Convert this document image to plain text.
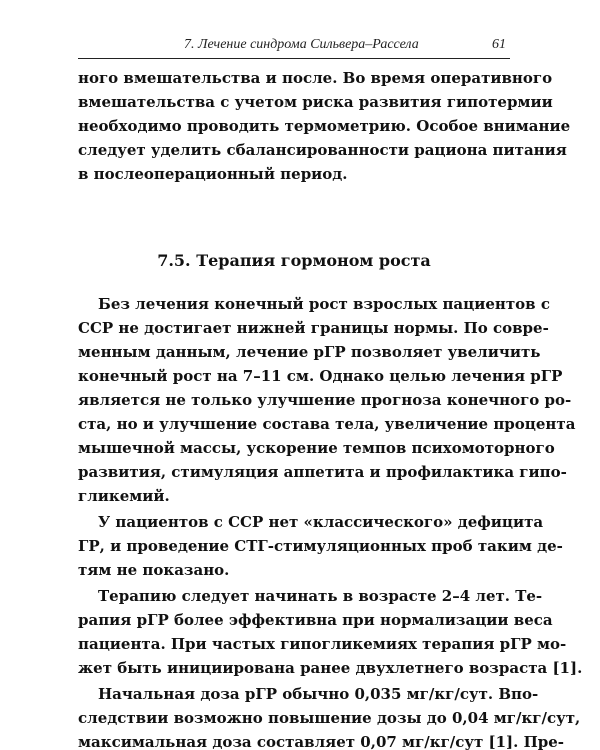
7. Лечение синдрома Сильвера–Рассела	61
ного вмешательства и после. Во время оперативного
вмешательства с учетом риска развития гипотермии
необходимо проводить термометрию. Особое внимание
следует уделить сбалансированности рациона питания
в послеоперационный период.
7.5. Терапия гормоном роста
Без лечения конечный рост взрослых пациентов с
ССР не достигает нижней границы нормы. По совре-
менным данным, лечение рГР позволяет увеличить
конечный рост на 7–11 см. Однако целью лечения рГР
является не только улучшение прогноза конечного ро-
ста, но и улучшение состава тела, увеличение процента
мышечной массы, ускорение темпов психомоторного
развития, стимуляция аппетита и профилактика гипо-
гликемий.
У пациентов с ССР нет «классического» дефицита
ГР, и проведение СТГ-стимуляционных проб таким де-
тям не показано.
Терапию следует начинать в возрасте 2–4 лет. Те-
рапия рГР более эффективна при нормализации веса
пациента. При частых гипогликемиях терапия рГР мо-
жет быть инициирована ранее двухлетнего возраста [1].
Начальная доза рГР обычно 0,035 мг/кг/сут. Впо-
следствии возможно повышение дозы до 0,04 мг/кг/сут,
максимальная доза составляет 0,07 мг/кг/сут [1]. Пре-
